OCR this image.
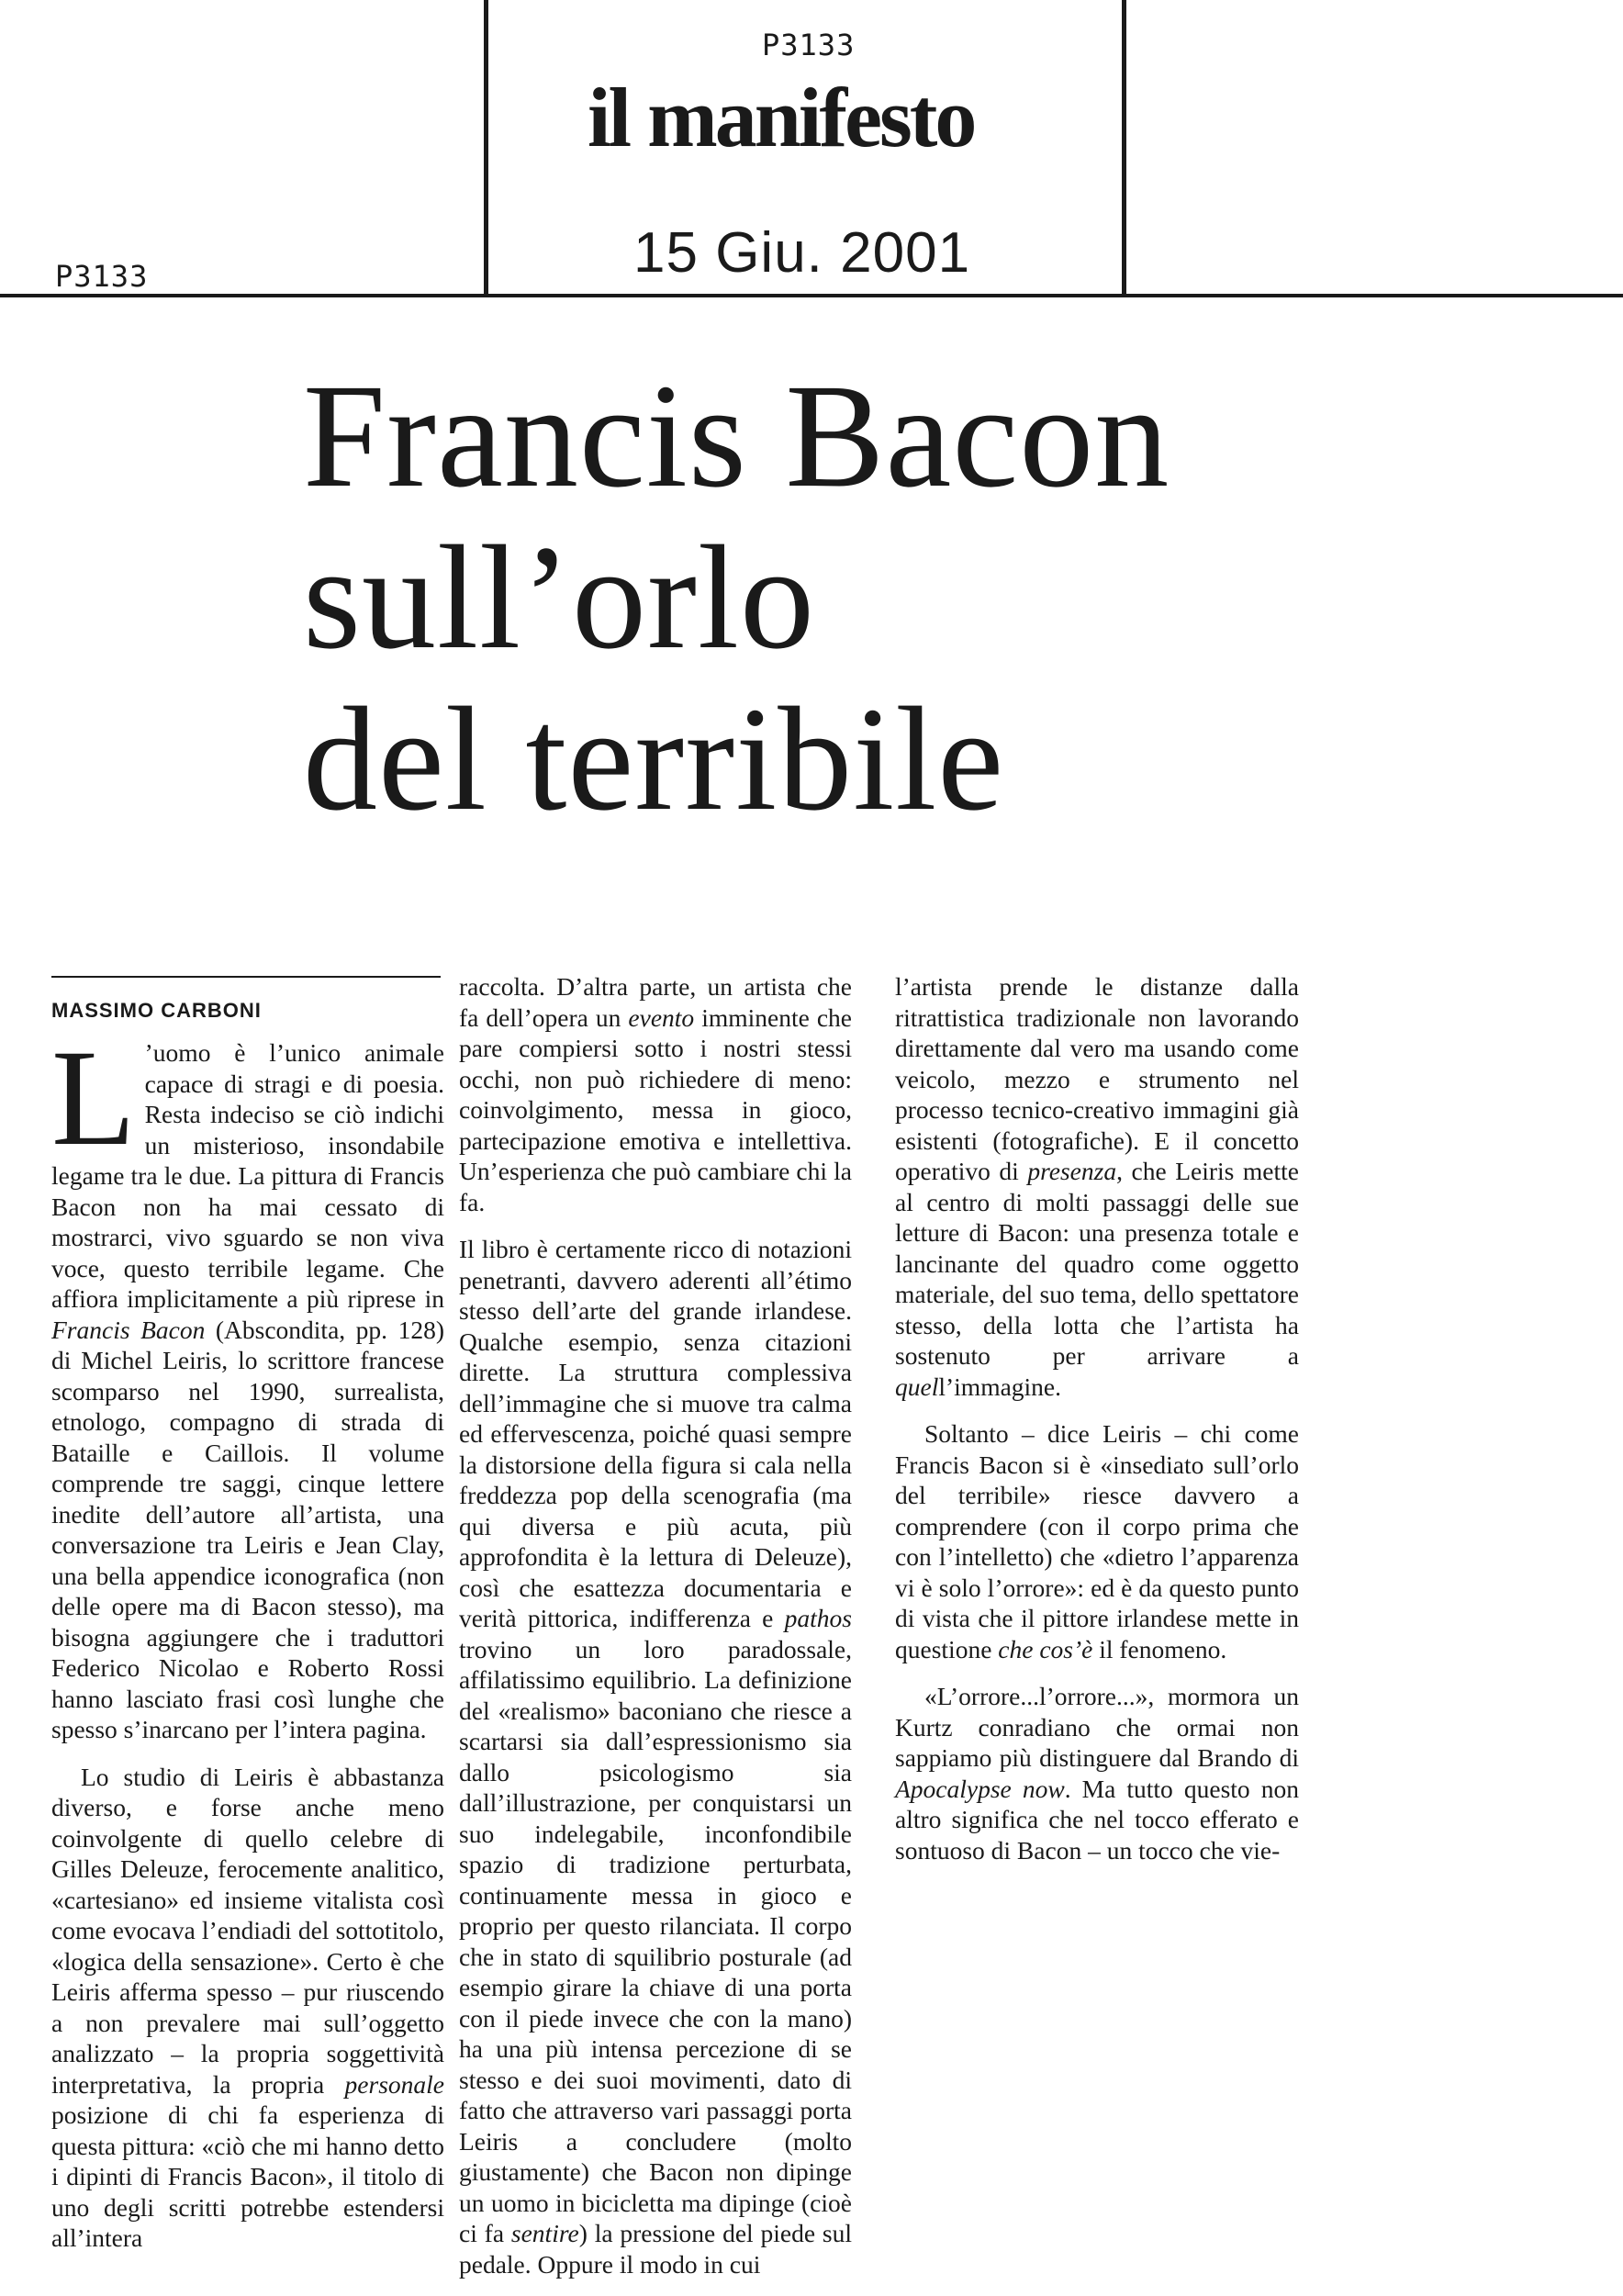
P3133
P3133
il manifesto
15 Giu. 2001
Francis Bacon
sull’orlo
del terribile
MASSIMO CARBONI

L ’uomo è l’unico animale capace di stragi e di poesia. Resta indeciso se ciò indichi un misterioso, insondabile legame tra le due. La pittura di Francis Bacon non ha mai cessato di mostrarci, vivo sguardo se non viva voce, questo terribile legame. Che affiora implicitamente a più riprese in Francis Bacon (Abscondita, pp. 128) di Michel Leiris, lo scrittore francese scomparso nel 1990, surrealista, etnologo, compagno di strada di Bataille e Caillois. Il volume comprende tre saggi, cinque lettere inedite dell’autore all’artista, una conversazione tra Leiris e Jean Clay, una bella appendice iconografica (non delle opere ma di Bacon stesso), ma bisogna aggiungere che i traduttori Federico Nicolao e Roberto Rossi hanno lasciato frasi così lunghe che spesso s’inarcano per l’intera pagina.

Lo studio di Leiris è abbastanza diverso, e forse anche meno coinvolgente di quello celebre di Gilles Deleuze, ferocemente analitico, «cartesiano» ed insieme vitalista così come evocava l’endiadi del sottotitolo, «logica della sensazione». Certo è che Leiris afferma spesso – pur riuscendo a non prevalere mai sull’oggetto analizzato – la propria soggettività interpretativa, la propria personale posizione di chi fa esperienza di questa pittura: «ciò che mi hanno detto i dipinti di Francis Bacon», il titolo di uno degli scritti potrebbe estendersi all’intera

raccolta. D’altra parte, un artista che fa dell’opera un evento imminente che pare compiersi sotto i nostri stessi occhi, non può richiedere di meno: coinvolgimento, messa in gioco, partecipazione emotiva e intellettiva. Un’esperienza che può cambiare chi la fa.

Il libro è certamente ricco di notazioni penetranti, davvero aderenti all’étimo stesso dell’arte del grande irlandese. Qualche esempio, senza citazioni dirette. La struttura complessiva dell’immagine che si muove tra calma ed effervescenza, poiché quasi sempre la distorsione della figura si cala nella freddezza pop della scenografia (ma qui diversa e più acuta, più approfondita è la lettura di Deleuze), così che esattezza documentaria e verità pittorica, indifferenza e pathos trovino un loro paradossale, affilatissimo equilibrio. La definizione del «realismo» baconiano che riesce a scartarsi sia dall’espressionismo sia dallo psicologismo sia dall’illustrazione, per conquistarsi un suo indelegabile, inconfondibile spazio di tradizione perturbata, continuamente messa in gioco e proprio per questo rilanciata. Il corpo che in stato di squilibrio posturale (ad esempio girare la chiave di una porta con il piede invece che con la mano) ha una più intensa percezione di se stesso e dei suoi movimenti, dato di fatto che attraverso vari passaggi porta Leiris a concludere (molto giustamente) che Bacon non dipinge un uomo in bicicletta ma dipinge (cioè ci fa sentire) la pressione del piede sul pedale. Oppure il modo in cui

l’artista prende le distanze dalla ritrattistica tradizionale non lavorando direttamente dal vero ma usando come veicolo, mezzo e strumento nel processo tecnico-creativo immagini già esistenti (fotografiche). E il concetto operativo di presenza, che Leiris mette al centro di molti passaggi delle sue letture di Bacon: una presenza totale e lancinante del quadro come oggetto materiale, del suo tema, dello spettatore stesso, della lotta che l’artista ha sostenuto per arrivare a quell’immagine.

Soltanto – dice Leiris – chi come Francis Bacon si è «insediato sull’orlo del terribile» riesce davvero a comprendere (con il corpo prima che con l’intelletto) che «dietro l’apparenza vi è solo l’orrore»: ed è da questo punto di vista che il pittore irlandese mette in questione che cos’è il fenomeno.

«L’orrore...l’orrore...», mormora un Kurtz conradiano che ormai non sappiamo più distinguere dal Brando di Apocalypse now. Ma tutto questo non altro significa che nel tocco efferato e sontuoso di Bacon – un tocco che vie-
